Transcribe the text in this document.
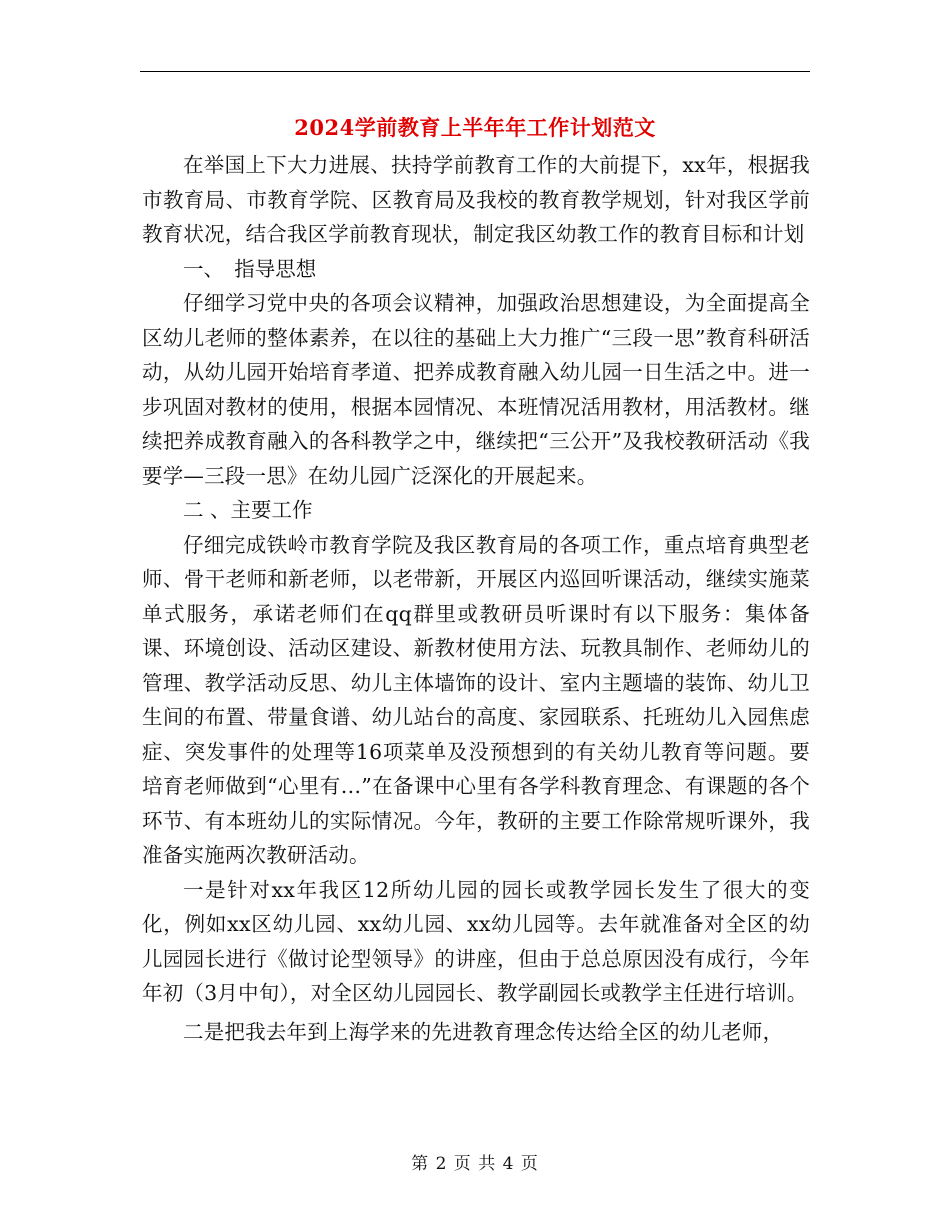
2024学前教育上半年年工作计划范文

在举国上下大力进展、扶持学前教育工作的大前提下，xx年，根据我市教育局、市教育学院、区教育局及我校的教育教学规划，针对我区学前教育状况，结合我区学前教育现状，制定我区幼教工作的教育目标和计划

一、　指导思想

仔细学习党中央的各项会议精神，加强政治思想建设，为全面提高全区幼儿老师的整体素养，在以往的基础上大力推广“三段一思”教育科研活动，从幼儿园开始培育孝道、把养成教育融入幼儿园一日生活之中。进一步巩固对教材的使用，根据本园情况、本班情况活用教材，用活教材。继续把养成教育融入的各科教学之中，继续把“三公开”及我校教研活动《我要学—三段一思》在幼儿园广泛深化的开展起来。

二 、主要工作

仔细完成铁岭市教育学院及我区教育局的各项工作，重点培育典型老师、骨干老师和新老师，以老带新，开展区内巡回听课活动，继续实施菜单式服务，承诺老师们在qq群里或教研员听课时有以下服务：集体备课、环境创设、活动区建设、新教材使用方法、玩教具制作、老师幼儿的管理、教学活动反思、幼儿主体墙饰的设计、室内主题墙的装饰、幼儿卫生间的布置、带量食谱、幼儿站台的高度、家园联系、托班幼儿入园焦虑症、突发事件的处理等16项菜单及没预想到的有关幼儿教育等问题。要培育老师做到“心里有…”在备课中心里有各学科教育理念、有课题的各个环节、有本班幼儿的实际情况。今年，教研的主要工作除常规听课外，我准备实施两次教研活动。

一是针对xx年我区12所幼儿园的园长或教学园长发生了很大的变化，例如xx区幼儿园、xx幼儿园、xx幼儿园等。去年就准备对全区的幼儿园园长进行《做讨论型领导》的讲座，但由于总总原因没有成行，今年年初（3月中旬），对全区幼儿园园长、教学副园长或教学主任进行培训。

二是把我去年到上海学来的先进教育理念传达给全区的幼儿老师，

第 2 页 共 4 页
